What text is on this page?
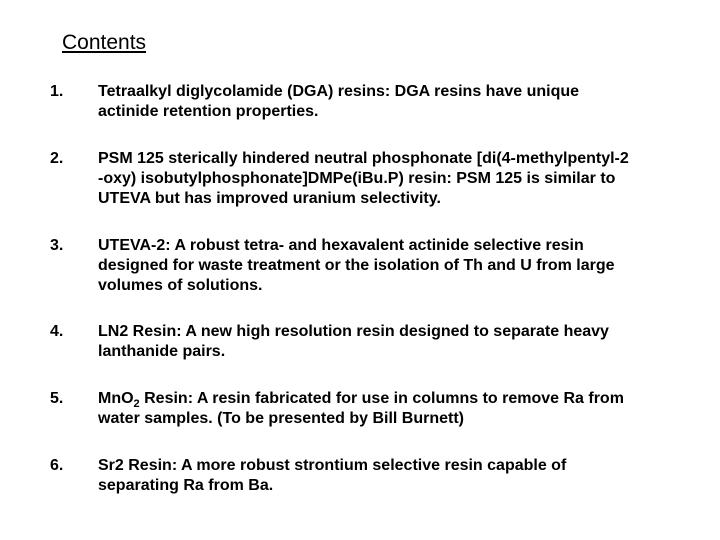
Contents
1.	Tetraalkyl diglycolamide (DGA) resins: DGA resins have unique
actinide retention properties.
2.	PSM 125 sterically hindered neutral phosphonate [di(4-methylpentyl-2
-oxy) isobutylphosphonate]DMPe(iBu.P) resin: PSM 125 is similar to
UTEVA but has improved uranium selectivity.
3.	UTEVA-2: A robust tetra- and hexavalent actinide selective resin
designed for waste treatment or the isolation of Th and U from large
volumes of solutions.
4.	LN2 Resin: A new high resolution resin designed to separate heavy
lanthanide pairs.
5.	MnO$_2$ Resin: A resin fabricated for use in columns to remove Ra from
water samples. (To be presented by Bill Burnett)
6.	Sr2 Resin: A more robust strontium selective resin capable of
separating Ra from Ba.
